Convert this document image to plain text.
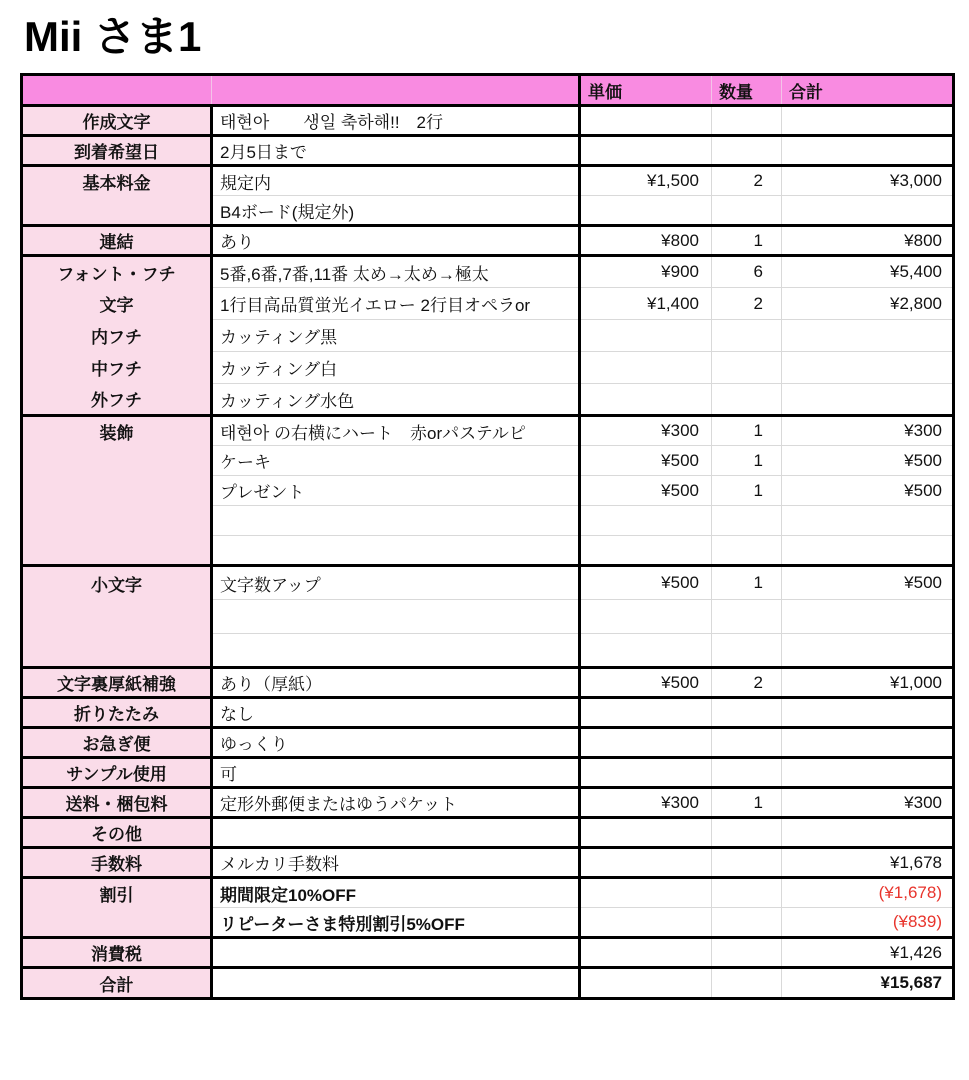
Mii さま1
		単価	数量	合計
作成文字	태현아　　생일 축하해!!　2行			
到着希望日	2月5日まで			
基本料金	規定内	¥1,500	2	¥3,000
	B4ボード(規定外)			
連結	あり	¥800	1	¥800
フォント・フチ	5番,6番,7番,11番 太め→太め→極太	¥900	6	¥5,400
文字	1行目高品質蛍光イエロー 2行目オペラor	¥1,400	2	¥2,800
内フチ	カッティング黒			
中フチ	カッティング白			
外フチ	カッティング水色			
装飾	태현아 の右横にハート　赤orパステルピ	¥300	1	¥300
	ケーキ	¥500	1	¥500
	プレゼント	¥500	1	¥500

小文字	文字数アップ	¥500	1	¥500

文字裏厚紙補強	あり（厚紙）	¥500	2	¥1,000
折りたたみ	なし			
お急ぎ便	ゆっくり			
サンプル使用	可			
送料・梱包料	定形外郵便またはゆうパケット	¥300	1	¥300
その他				
手数料	メルカリ手数料			¥1,678
割引	期間限定10%OFF			(¥1,678)
	リピーターさま特別割引5%OFF			(¥839)
消費税				¥1,426
合計				¥15,687
